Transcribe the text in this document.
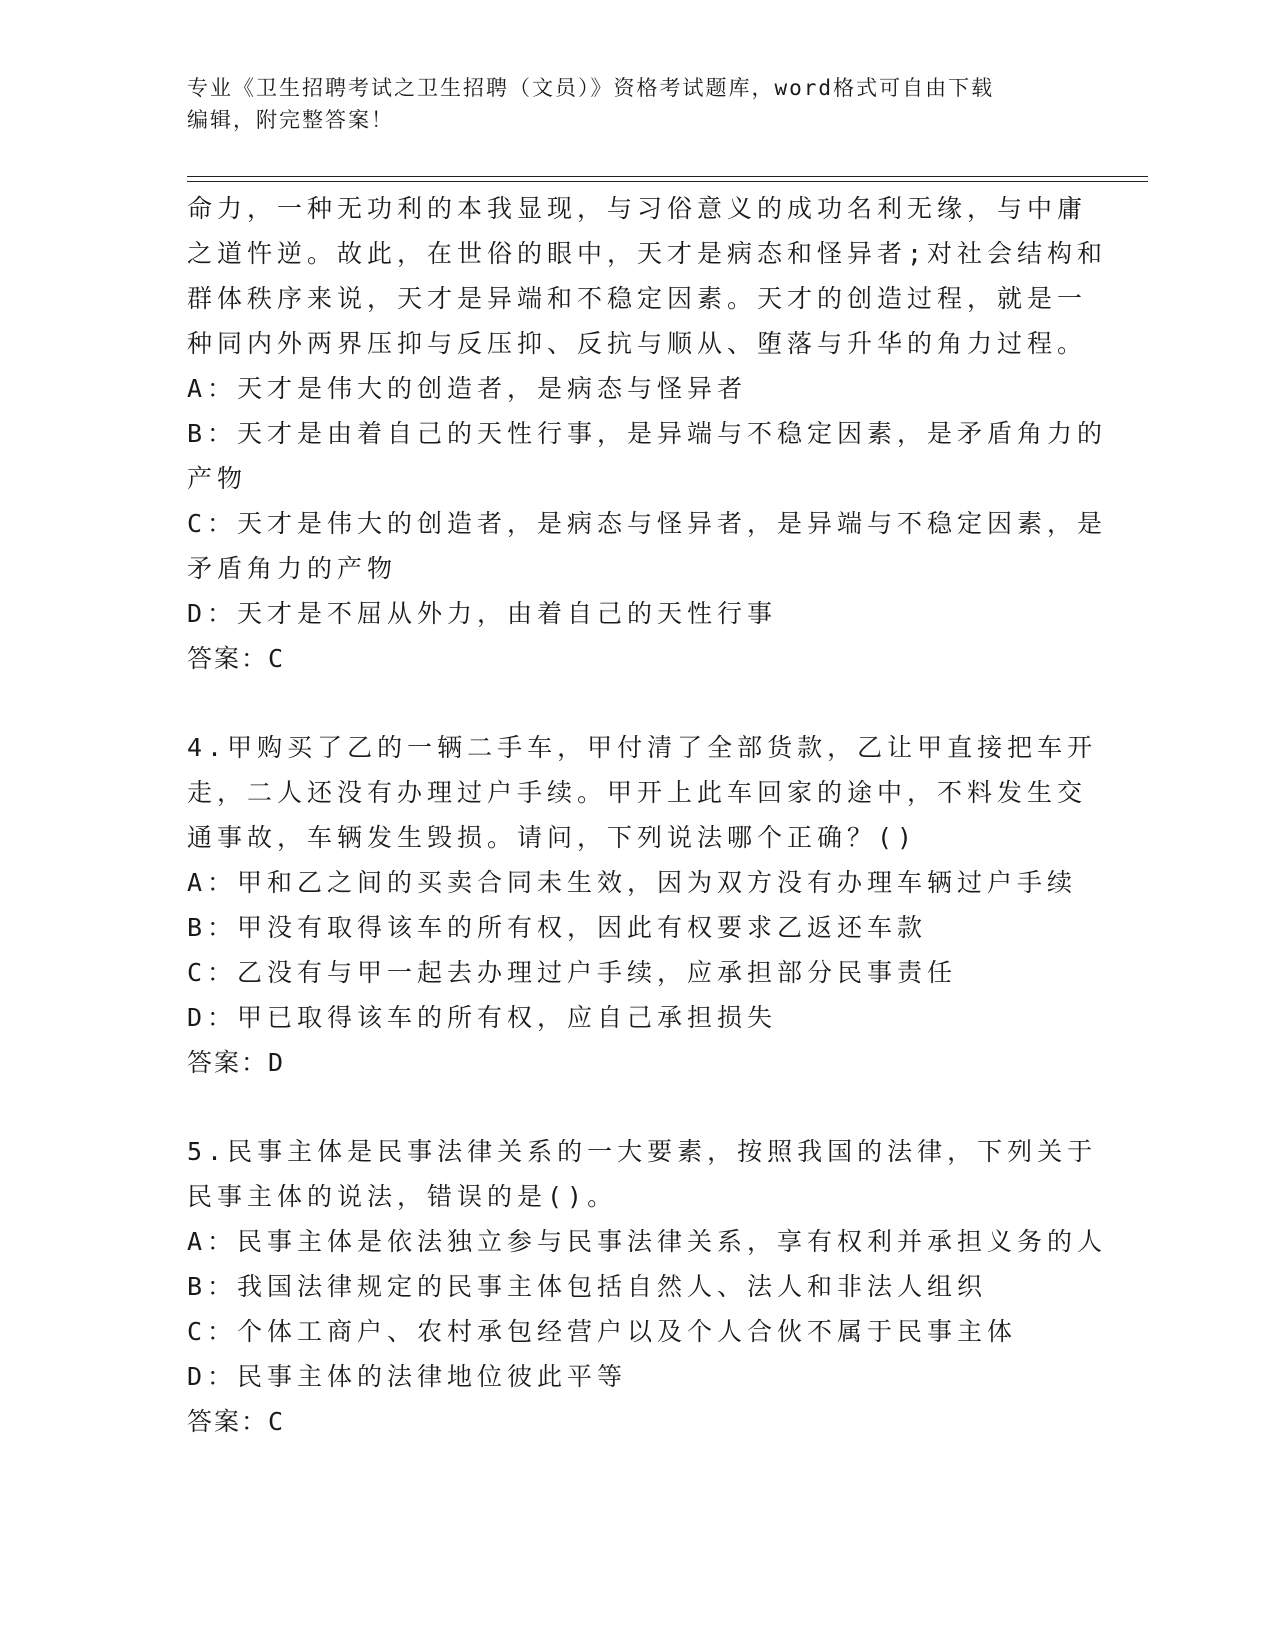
专业《卫生招聘考试之卫生招聘（文员）》资格考试题库，word格式可自由下载
编辑，附完整答案！
命力，一种无功利的本我显现，与习俗意义的成功名利无缘，与中庸
之道忤逆。故此，在世俗的眼中，天才是病态和怪异者;对社会结构和
群体秩序来说，天才是异端和不稳定因素。天才的创造过程，就是一
种同内外两界压抑与反压抑、反抗与顺从、堕落与升华的角力过程。
A：天才是伟大的创造者，是病态与怪异者
B：天才是由着自己的天性行事，是异端与不稳定因素，是矛盾角力的
产物
C：天才是伟大的创造者，是病态与怪异者，是异端与不稳定因素，是
矛盾角力的产物
D：天才是不屈从外力，由着自己的天性行事
答案：C
4.甲购买了乙的一辆二手车，甲付清了全部货款，乙让甲直接把车开
走，二人还没有办理过户手续。甲开上此车回家的途中，不料发生交
通事故，车辆发生毁损。请问，下列说法哪个正确？()
A：甲和乙之间的买卖合同未生效，因为双方没有办理车辆过户手续
B：甲没有取得该车的所有权，因此有权要求乙返还车款
C：乙没有与甲一起去办理过户手续，应承担部分民事责任
D：甲已取得该车的所有权，应自己承担损失
答案：D
5.民事主体是民事法律关系的一大要素，按照我国的法律，下列关于
民事主体的说法，错误的是()。
A：民事主体是依法独立参与民事法律关系，享有权利并承担义务的人
B：我国法律规定的民事主体包括自然人、法人和非法人组织
C：个体工商户、农村承包经营户以及个人合伙不属于民事主体
D：民事主体的法律地位彼此平等
答案：C
